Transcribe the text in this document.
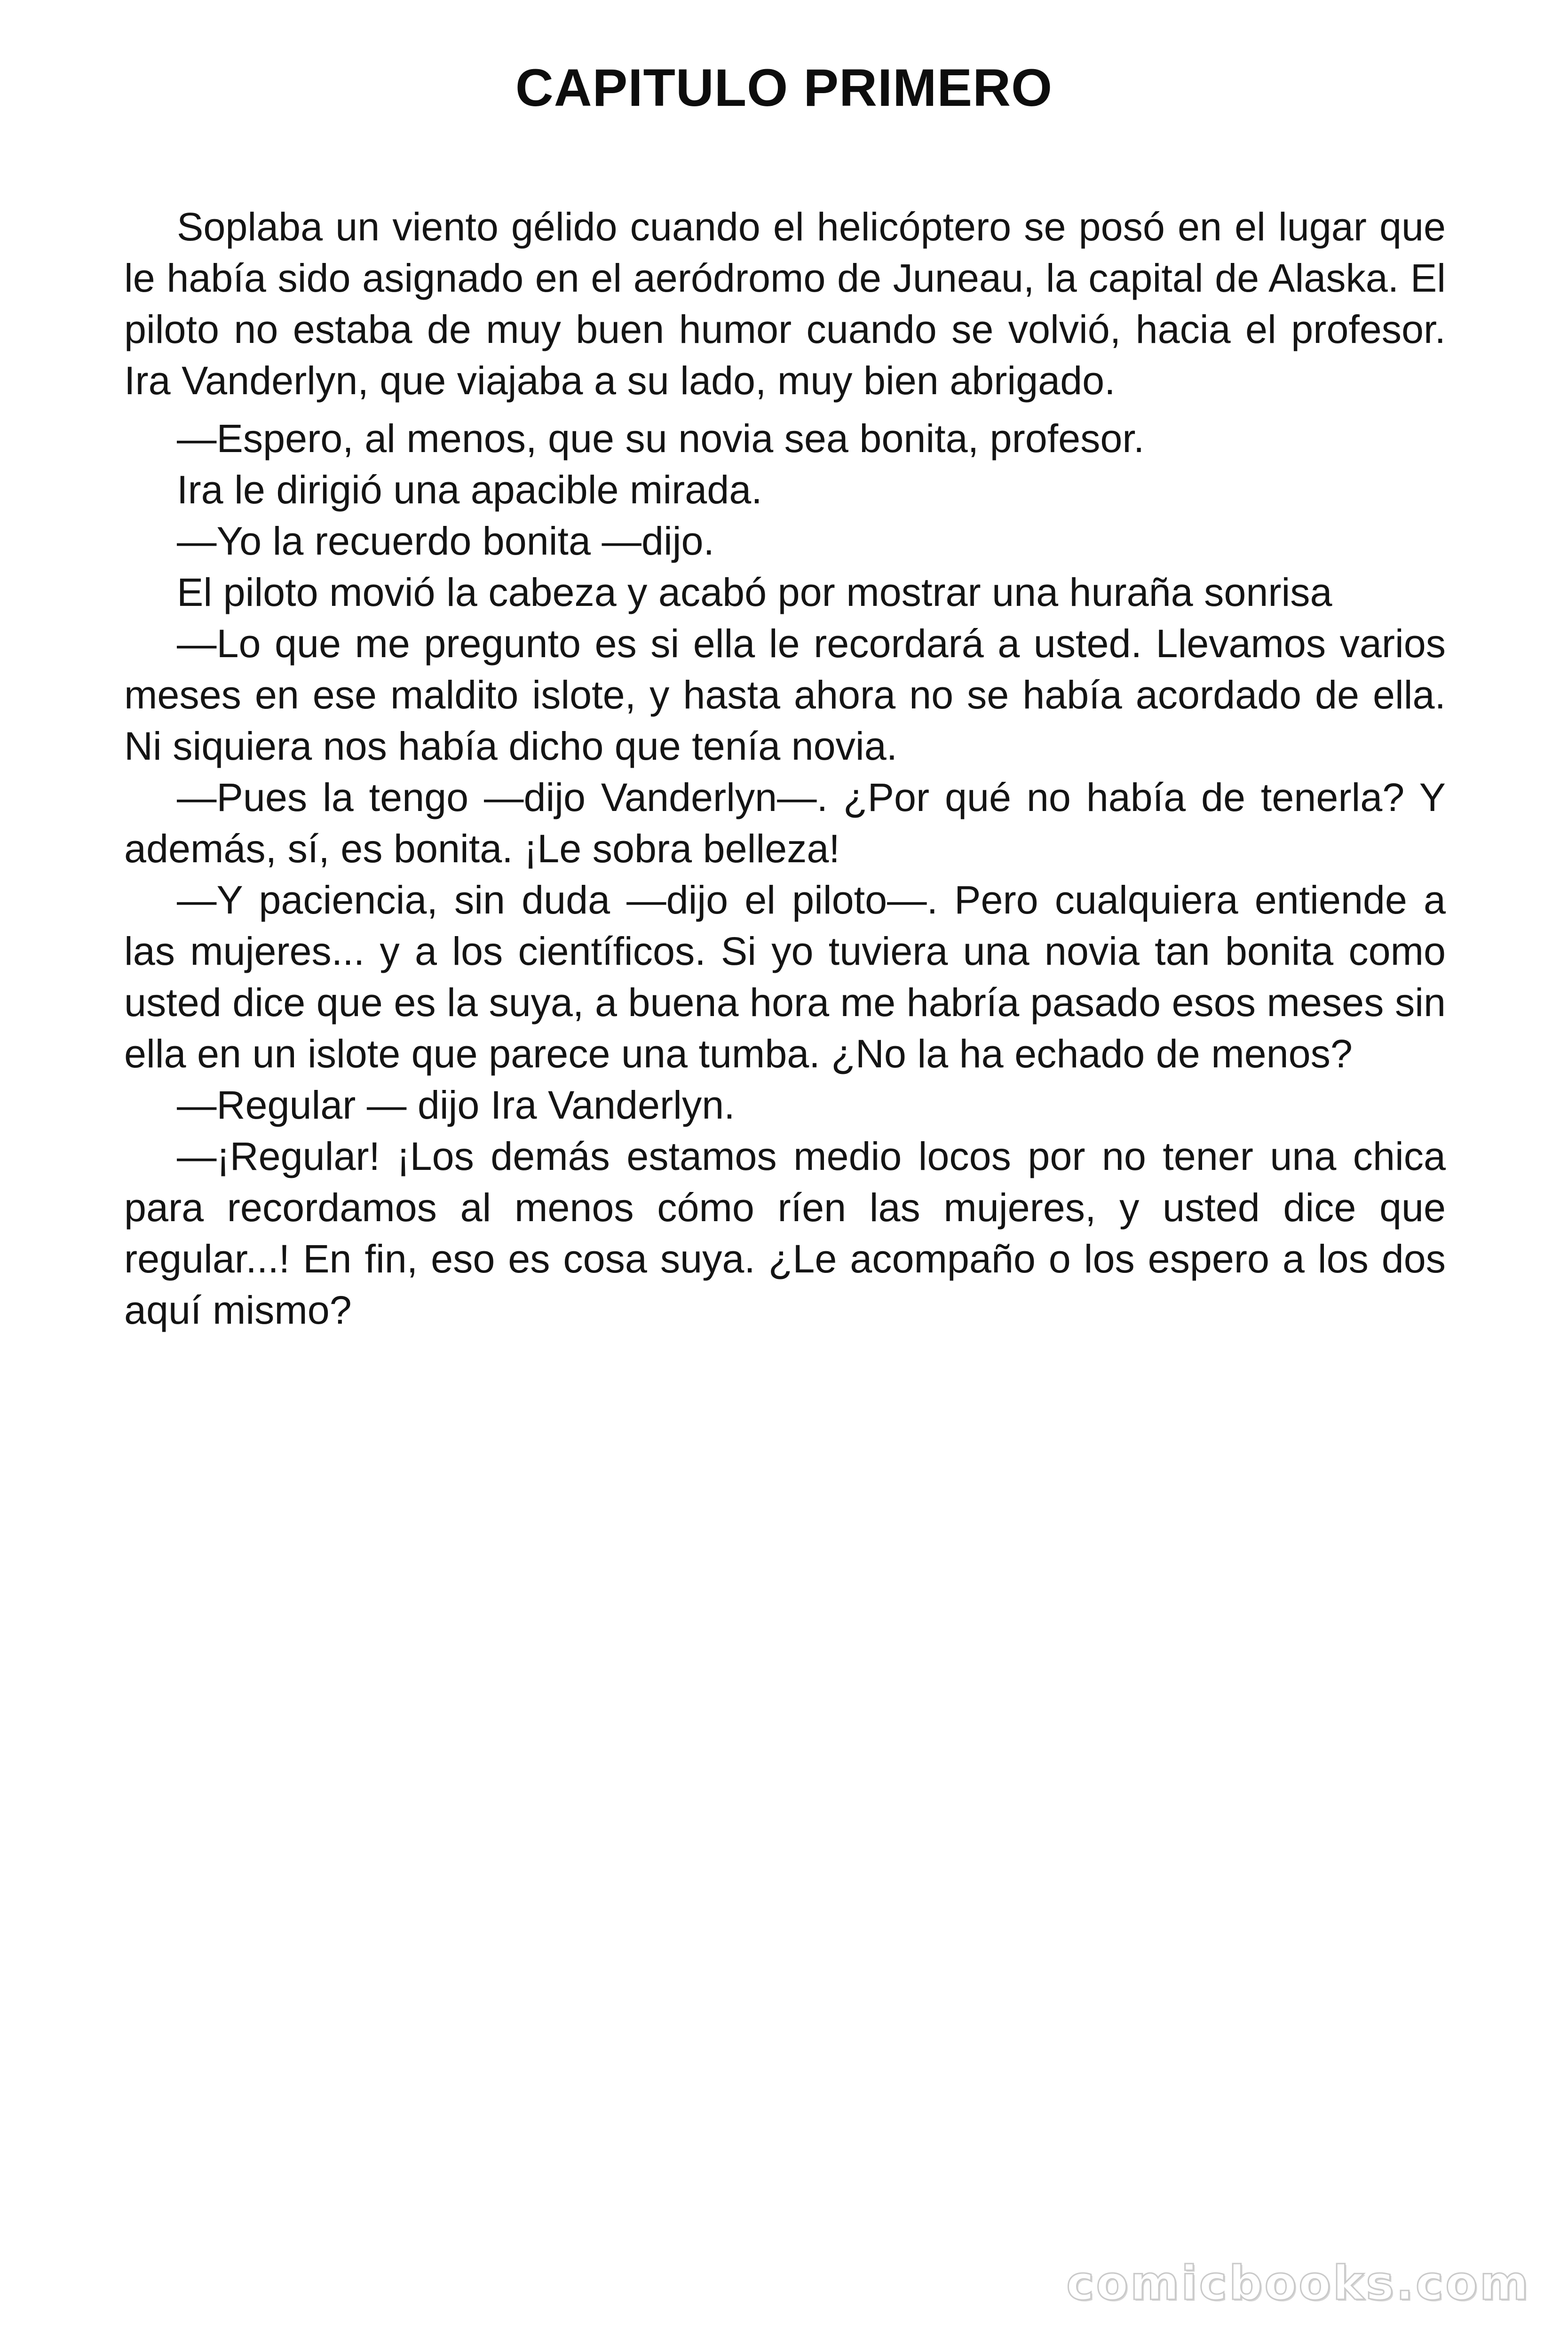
CAPITULO PRIMERO

Soplaba un viento gélido cuando el helicóptero se posó en el lugar que le había sido asignado en el aeródromo de Juneau, la capital de Alaska. El piloto no estaba de muy buen humor cuando se volvió, hacia el profesor. Ira Vanderlyn, que viajaba a su lado, muy bien abrigado.

—Espero, al menos, que su novia sea bonita, profesor.

Ira le dirigió una apacible mirada.

—Yo la recuerdo bonita —dijo.

El piloto movió la cabeza y acabó por mostrar una huraña sonrisa

—Lo que me pregunto es si ella le recordará a usted. Llevamos varios meses en ese maldito islote, y hasta ahora no se había acordado de ella. Ni siquiera nos había dicho que tenía novia.

—Pues la tengo —dijo Vanderlyn—. ¿Por qué no había de tenerla? Y además, sí, es bonita. ¡Le sobra belleza!

—Y paciencia, sin duda —dijo el piloto—. Pero cualquiera entiende a las mujeres... y a los científicos. Si yo tuviera una novia tan bonita como usted dice que es la suya, a buena hora me habría pasado esos meses sin ella en un islote que parece una tumba. ¿No la ha echado de menos?

—Regular — dijo Ira Vanderlyn.

—¡Regular! ¡Los demás estamos medio locos por no tener una chica para recordamos al menos cómo ríen las mujeres, y usted dice que regular...! En fin, eso es cosa suya. ¿Le acompaño o los espero a los dos aquí mismo?

comicbooks.com
